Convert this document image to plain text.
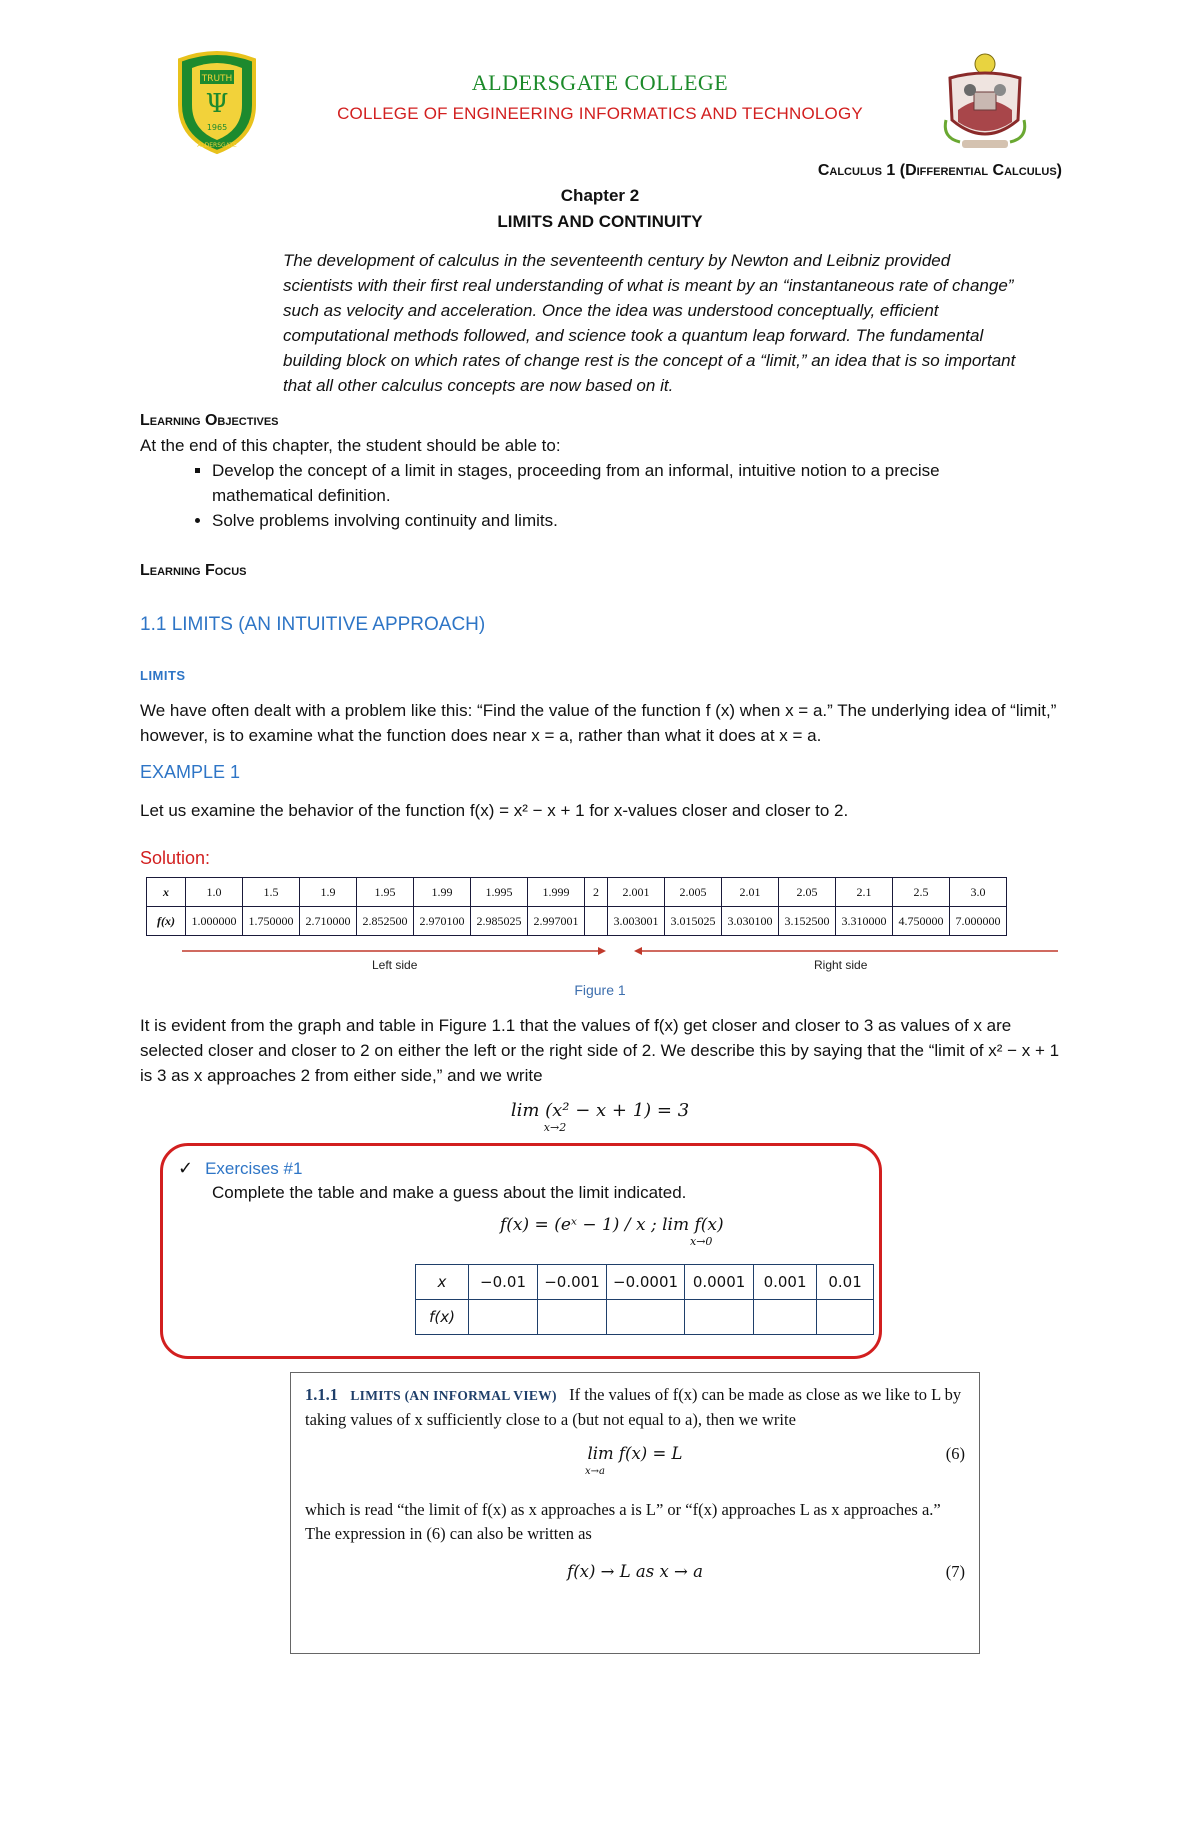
TRUTH
Ψ
1965
ALDERSGATE
ALDERSGATE COLLEGE
COLLEGE OF ENGINEERING INFORMATICS AND TECHNOLOGY
Calculus 1 (Differential Calculus)
Chapter 2
LIMITS AND CONTINUITY
The development of calculus in the seventeenth century by Newton and Leibniz provided scientists with their first real understanding of what is meant by an “instantaneous rate of change” such as velocity and acceleration. Once the idea was understood conceptually, efficient computational methods followed, and science took a quantum leap forward. The fundamental building block on which rates of change rest is the concept of a “limit,” an idea that is so important that all other calculus concepts are now based on it.
Learning Objectives
At the end of this chapter, the student should be able to:
▪ Develop the concept of a limit in stages, proceeding from an informal, intuitive notion to a precise mathematical definition.
• Solve problems involving continuity and limits.
Learning Focus
1.1 LIMITS (AN INTUITIVE APPROACH)
LIMITS
We have often dealt with a problem like this: “Find the value of the function f (x) when x = a.” The underlying idea of “limit,” however, is to examine what the function does near x = a, rather than what it does at x = a.
EXAMPLE 1
Let us examine the behavior of the function f(x) = x² − x + 1 for x-values closer and closer to 2.
Solution:
x	1.0	1.5	1.9	1.95	1.99	1.995	1.999	2	2.001	2.005	2.01	2.05	2.1	2.5	3.0
f(x)	1.000000	1.750000	2.710000	2.852500	2.970100	2.985025	2.997001		3.003001	3.015025	3.030100	3.152500	3.310000	4.750000	7.000000
Left side	Right side
Figure 1
It is evident from the graph and table in Figure 1.1 that the values of f(x) get closer and closer to 3 as values of x are selected closer and closer to 2 on either the left or the right side of 2. We describe this by saying that the “limit of x² − x + 1 is 3 as x approaches 2 from either side,” and we write
lim (x² − x + 1) = 3
x→2
✓ Exercises #1
Complete the table and make a guess about the limit indicated.
f(x) = (eˣ − 1) / x ; lim f(x)
x→0
x	−0.01	−0.001	−0.0001	0.0001	0.001	0.01
f(x)						
1.1.1 LIMITS (AN INFORMAL VIEW) If the values of f(x) can be made as close as we like to L by taking values of x sufficiently close to a (but not equal to a), then we write
lim f(x) = L
x→a
(6)
which is read “the limit of f(x) as x approaches a is L” or “f(x) approaches L as x approaches a.” The expression in (6) can also be written as
f(x) → L as x → a	(7)
